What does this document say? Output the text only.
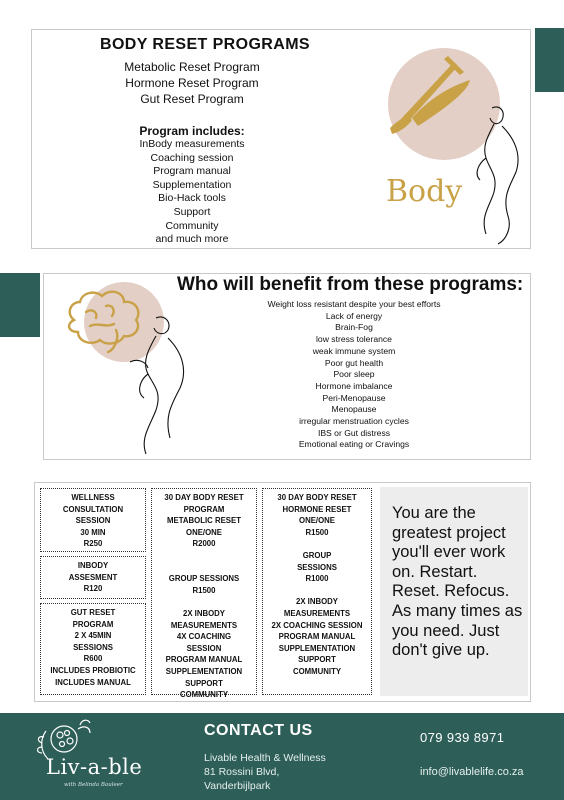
BODY RESET PROGRAMS
Metabolic Reset Program
Hormone Reset Program
Gut Reset Program
Program includes:
InBody measurements
Coaching session
Program manual
Supplementation
Bio-Hack tools
Support
Community
and much more
Body
Who will benefit from these programs:
Weight loss resistant despite your best efforts
Lack of energy
Brain-Fog
low stress tolerance
weak immune system
Poor gut health
Poor sleep
Hormone imbalance
Peri-Menopause
Menopause
irregular menstruation cycles
IBS or Gut distress
Emotional eating or Cravings
WELLNESS
CONSULTATION
SESSION
30 MIN
R250
INBODY
ASSESMENT
R120
GUT RESET
PROGRAM
2 X 45MIN
SESSIONS
R600
INCLUDES PROBIOTIC
INCLUDES MANUAL
30 DAY BODY RESET
PROGRAM
METABOLIC RESET
ONE/ONE
R2000
GROUP SESSIONS
R1500
2X INBODY
MEASUREMENTS
4X COACHING
SESSION
PROGRAM MANUAL
SUPPLEMENTATION
SUPPORT
COMMUNITY
30 DAY BODY RESET
HORMONE RESET
ONE/ONE
R1500
GROUP
SESSIONS
R1000
2X INBODY
MEASUREMENTS
2X COACHING SESSION
PROGRAM MANUAL
SUPPLEMENTATION
SUPPORT
COMMUNITY
You are the greatest project you'll ever work on. Restart. Reset. Refocus. As many times as you need. Just don't give up.
Liv-a-ble
with Belinda Bauleer
CONTACT US
Livable Health & Wellness
81 Rossini Blvd,
Vanderbijlpark
079 939 8971
info@livablelife.co.za
